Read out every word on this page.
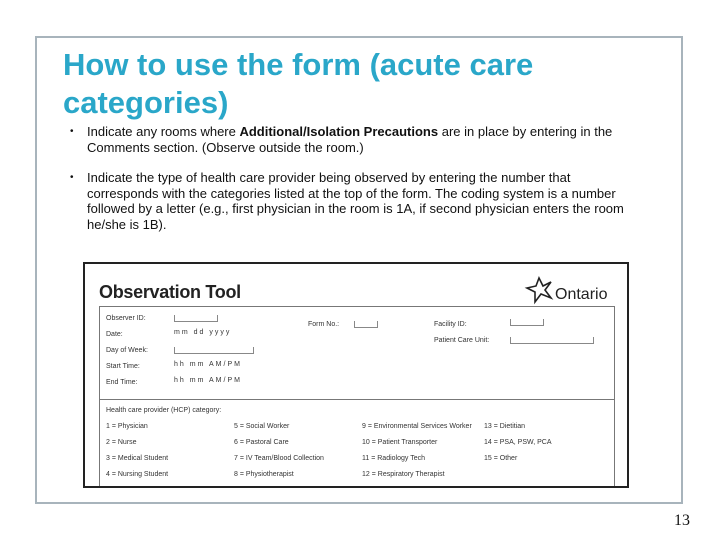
How to use the form (acute care categories)
• Indicate any rooms where Additional/Isolation Precautions are in place by entering in the Comments section. (Observe outside the room.)
• Indicate the type of health care provider being observed by entering the number that corresponds with the categories listed at the top of the form. The coding system is a number followed by a letter (e.g., first physician in the room is 1A, if second physician enters the room he/she is 1B).
Observation Tool	Ontario
Observer ID:
Date:	mm dd yyyy
Day of Week:
Start Time:	hh mm AM/PM
End Time:	hh mm AM/PM
Form No.:	Facility ID:
Patient Care Unit:
Health care provider (HCP) category:
1 = Physician	5 = Social Worker	9 = Environmental Services Worker 13 = Dietitian
2 = Nurse	6 = Pastoral Care	10 = Patient Transporter	14 = PSA, PSW, PCA
3 = Medical Student	7 = IV Team/Blood Collection	11 = Radiology Tech	15 = Other
4 = Nursing Student	8 = Physiotherapist	12 = Respiratory Therapist
13
